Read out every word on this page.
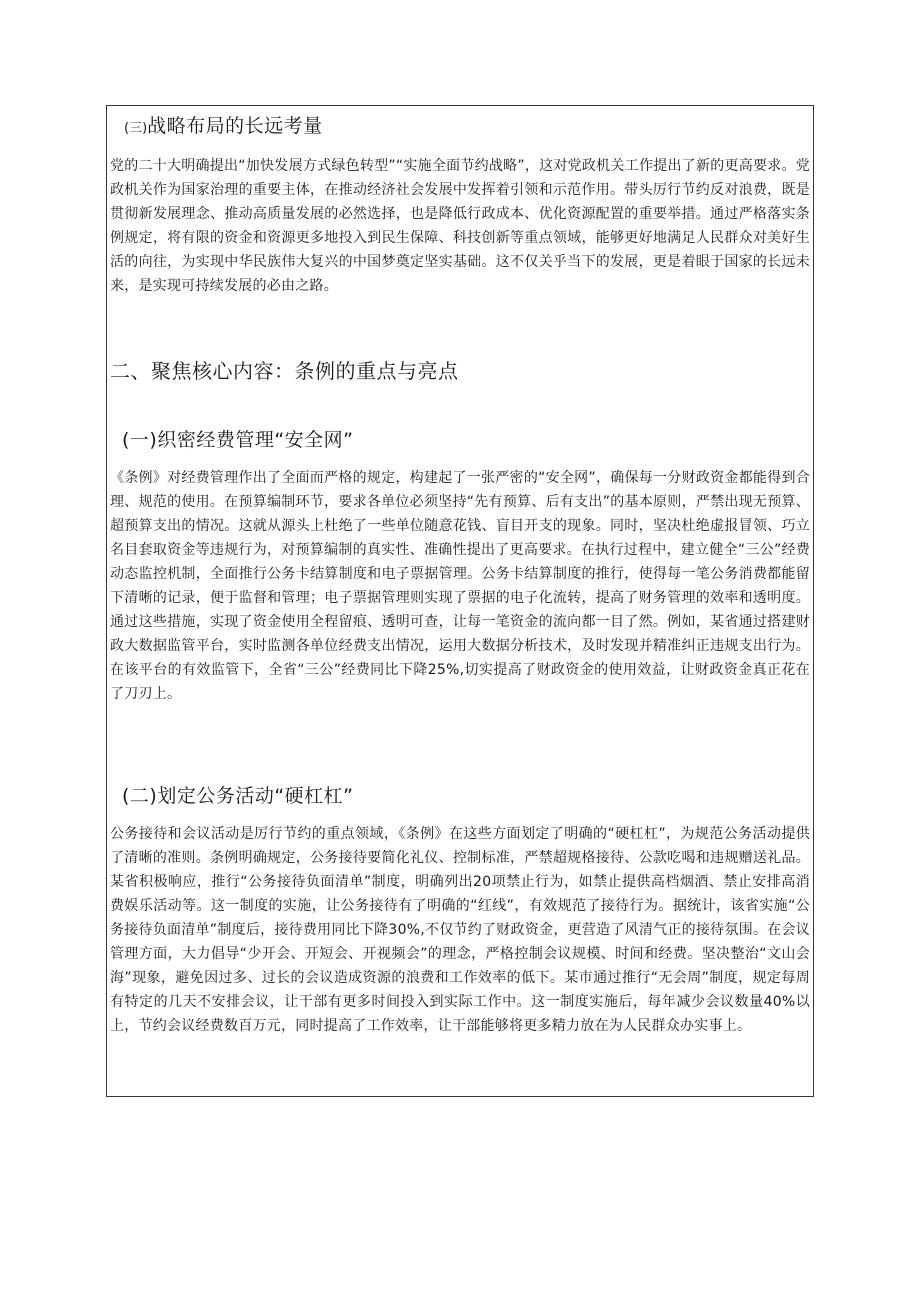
(三)战略布局的长远考量

党的二十大明确提出“加快发展方式绿色转型”“实施全面节约战略”，这对党政机关工作提出了新的更高要求。党政机关作为国家治理的重要主体，在推动经济社会发展中发挥着引领和示范作用。带头厉行节约反对浪费，既是贯彻新发展理念、推动高质量发展的必然选择，也是降低行政成本、优化资源配置的重要举措。通过严格落实条例规定，将有限的资金和资源更多地投入到民生保障、科技创新等重点领域，能够更好地满足人民群众对美好生活的向往，为实现中华民族伟大复兴的中国梦奠定坚实基础。这不仅关乎当下的发展，更是着眼于国家的长远未来，是实现可持续发展的必由之路。

二、聚焦核心内容：条例的重点与亮点
(一)织密经费管理“安全网”

《条例》对经费管理作出了全面而严格的规定，构建起了一张严密的“安全网”，确保每一分财政资金都能得到合理、规范的使用。在预算编制环节，要求各单位必须坚持“先有预算、后有支出”的基本原则，严禁出现无预算、超预算支出的情况。这就从源头上杜绝了一些单位随意花钱、盲目开支的现象。同时，坚决杜绝虚报冒领、巧立名目套取资金等违规行为，对预算编制的真实性、准确性提出了更高要求。在执行过程中，建立健全“三公”经费动态监控机制，全面推行公务卡结算制度和电子票据管理。公务卡结算制度的推行，使得每一笔公务消费都能留下清晰的记录，便于监督和管理；电子票据管理则实现了票据的电子化流转，提高了财务管理的效率和透明度。通过这些措施，实现了资金使用全程留痕、透明可查，让每一笔资金的流向都一目了然。例如，某省通过搭建财政大数据监管平台，实时监测各单位经费支出情况，运用大数据分析技术，及时发现并精准纠正违规支出行为。在该平台的有效监管下，全省“三公”经费同比下降25%,切实提高了财政资金的使用效益，让财政资金真正花在了刀刃上。

(二)划定公务活动“硬杠杠”

公务接待和会议活动是厉行节约的重点领域，《条例》在这些方面划定了明确的“硬杠杠”，为规范公务活动提供了清晰的准则。条例明确规定，公务接待要简化礼仪、控制标准，严禁超规格接待、公款吃喝和违规赠送礼品。某省积极响应，推行“公务接待负面清单”制度，明确列出20项禁止行为，如禁止提供高档烟酒、禁止安排高消费娱乐活动等。这一制度的实施，让公务接待有了明确的“红线”，有效规范了接待行为。据统计，该省实施“公务接待负面清单”制度后，接待费用同比下降30%,不仅节约了财政资金，更营造了风清气正的接待氛围。在会议管理方面，大力倡导“少开会、开短会、开视频会”的理念，严格控制会议规模、时间和经费。坚决整治“文山会海”现象，避免因过多、过长的会议造成资源的浪费和工作效率的低下。某市通过推行“无会周”制度，规定每周有特定的几天不安排会议，让干部有更多时间投入到实际工作中。这一制度实施后，每年减少会议数量40%以上，节约会议经费数百万元，同时提高了工作效率，让干部能够将更多精力放在为人民群众办实事上。
